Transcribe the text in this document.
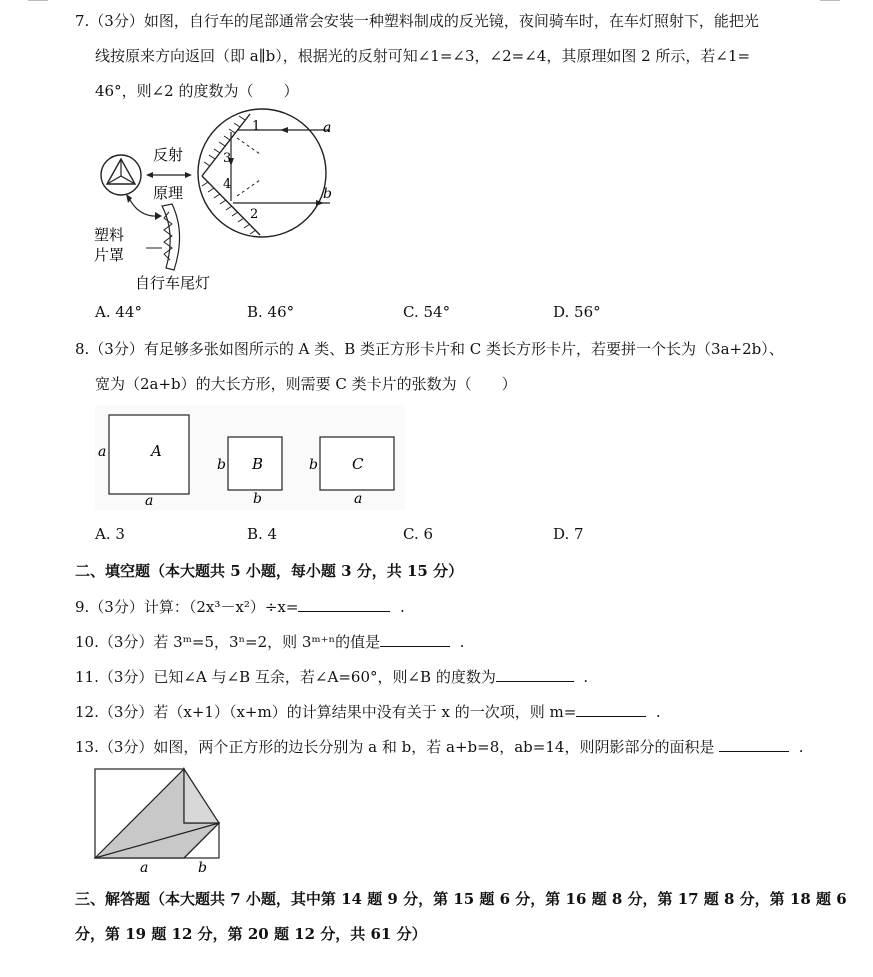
7.（3分）如图，自行车的尾部通常会安装一种塑料制成的反光镜，夜间骑车时，在车灯照射下，能把光
线按原来方向返回（即 a∥b），根据光的反射可知∠1=∠3，∠2=∠4，其原理如图 2 所示，若∠1=
46°，则∠2 的度数为（　　）
反射
原理
塑料
片罩
自行车尾灯
1
3
4
2
a
b
A. 44°	B. 46°	C. 54°	D. 56°
8.（3分）有足够多张如图所示的 A 类、B 类正方形卡片和 C 类长方形卡片，若要拼一个长为（3a+2b）、
宽为（2a+b）的大长方形，则需要 C 类卡片的张数为（　　）
A
a
a
B
b
b
C
b
a
A. 3	B. 4	C. 6	D. 7
二、填空题（本大题共 5 小题，每小题 3 分，共 15 分）
9.（3分）计算：（2x³－x²）÷x=	.
10.（3分）若 3ᵐ=5，3ⁿ=2，则 3ᵐ⁺ⁿ的值是	.
11.（3分）已知∠A 与∠B 互余，若∠A=60°，则∠B 的度数为	.
12.（3分）若（x+1）（x+m）的计算结果中没有关于 x 的一次项，则 m=	.
13.（3分）如图，两个正方形的边长分别为 a 和 b，若 a+b=8，ab=14，则阴影部分的面积是	.
a	b
三、解答题（本大题共 7 小题，其中第 14 题 9 分，第 15 题 6 分，第 16 题 8 分，第 17 题 8 分，第 18 题 6
分，第 19 题 12 分，第 20 题 12 分，共 61 分）
